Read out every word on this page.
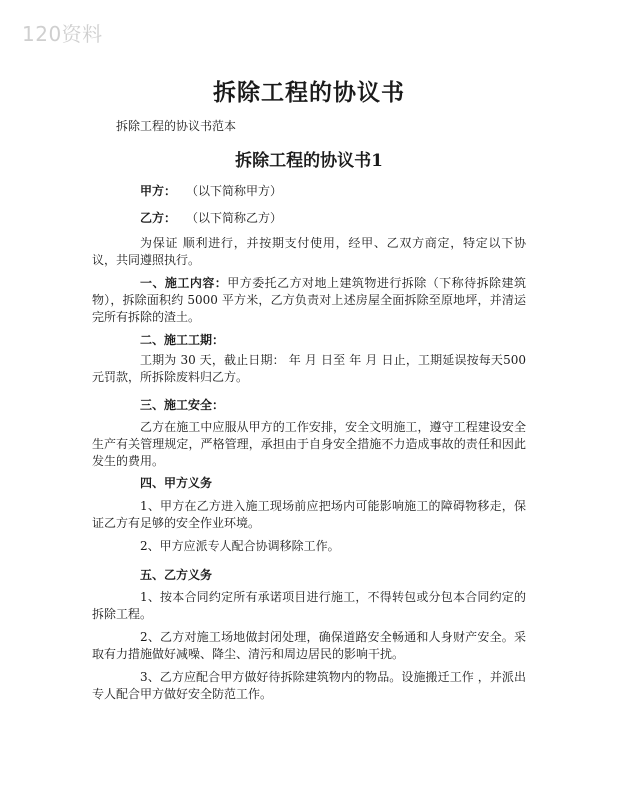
120资料
拆除工程的协议书
拆除工程的协议书范本
拆除工程的协议书1
甲方： （以下简称甲方）
乙方： （以下简称乙方）
为保证 顺利进行，并按期支付使用，经甲、乙双方商定，特定以下协议，共同遵照执行。
一、施工内容：甲方委托乙方对地上建筑物进行拆除（下称待拆除建筑物），拆除面积约 5000 平方米，乙方负责对上述房屋全面拆除至原地坪，并清运完所有拆除的渣土。
二、施工工期：
工期为 30 天，截止日期： 年 月 日至 年 月 日止，工期延误按每天500 元罚款，所拆除废料归乙方。
三、施工安全：
乙方在施工中应服从甲方的工作安排，安全文明施工，遵守工程建设安全生产有关管理规定，严格管理，承担由于自身安全措施不力造成事故的责任和因此发生的费用。
四、甲方义务
1、甲方在乙方进入施工现场前应把场内可能影响施工的障碍物移走，保证乙方有足够的安全作业环境。
2、甲方应派专人配合协调移除工作。
五、乙方义务
1、按本合同约定所有承诺项目进行施工，不得转包或分包本合同约定的拆除工程。
2、乙方对施工场地做封闭处理，确保道路安全畅通和人身财产安全。采取有力措施做好减噪、降尘、清污和周边居民的影响干扰。
3、乙方应配合甲方做好待拆除建筑物内的物品。设施搬迁工作 ，并派出专人配合甲方做好安全防范工作。
